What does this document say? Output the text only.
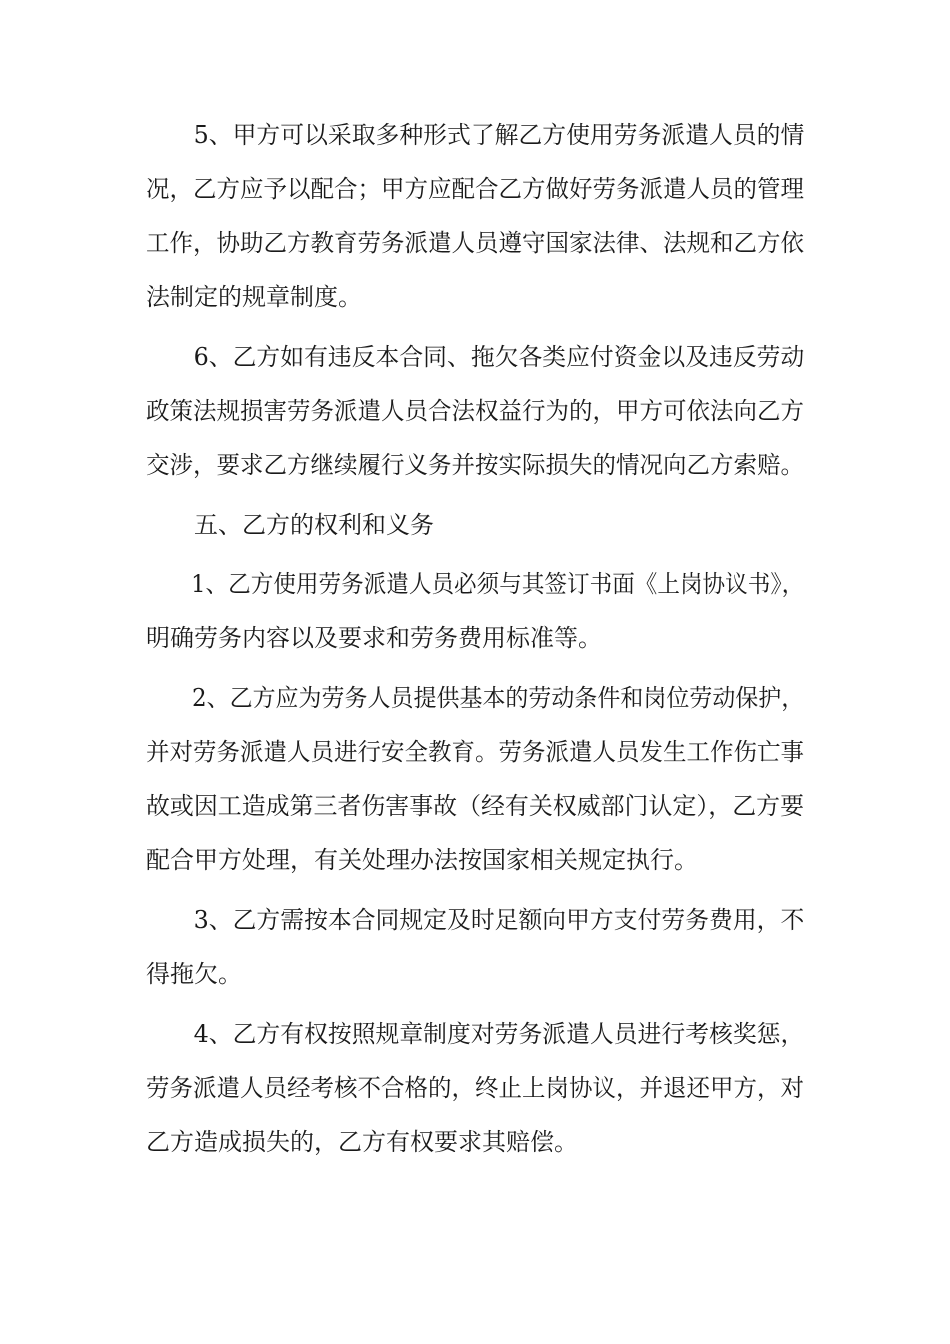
　　5、甲方可以采取多种形式了解乙方使用劳务派遣人员的情
况，乙方应予以配合；甲方应配合乙方做好劳务派遣人员的管理
工作，协助乙方教育劳务派遣人员遵守国家法律、法规和乙方依
法制定的规章制度。
　　6、乙方如有违反本合同、拖欠各类应付资金以及违反劳动
政策法规损害劳务派遣人员合法权益行为的，甲方可依法向乙方
交涉，要求乙方继续履行义务并按实际损失的情况向乙方索赔。
　　五、乙方的权利和义务
　　1、乙方使用劳务派遣人员必须与其签订书面《上岗协议书》，
明确劳务内容以及要求和劳务费用标准等。
　　2、乙方应为劳务人员提供基本的劳动条件和岗位劳动保护，
并对劳务派遣人员进行安全教育。劳务派遣人员发生工作伤亡事
故或因工造成第三者伤害事故（经有关权威部门认定），乙方要
配合甲方处理，有关处理办法按国家相关规定执行。
　　3、乙方需按本合同规定及时足额向甲方支付劳务费用，不
得拖欠。
　　4、乙方有权按照规章制度对劳务派遣人员进行考核奖惩，
劳务派遣人员经考核不合格的，终止上岗协议，并退还甲方，对
乙方造成损失的，乙方有权要求其赔偿。
